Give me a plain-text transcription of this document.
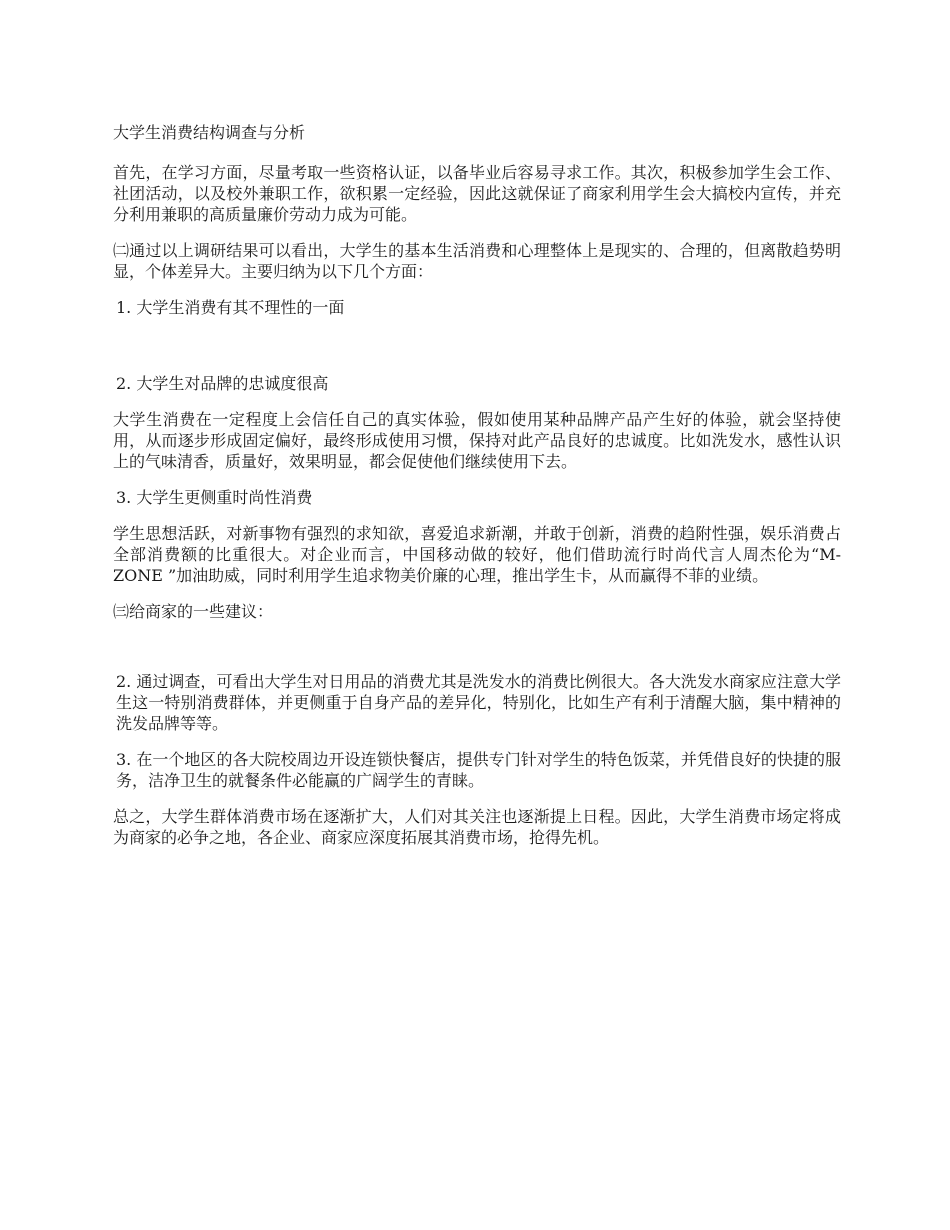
大学生消费结构调查与分析
首先，在学习方面，尽量考取一些资格认证，以备毕业后容易寻求工作。其次，积极参加学生会工作、社团活动，以及校外兼职工作，欲积累一定经验，因此这就保证了商家利用学生会大搞校内宣传，并充分利用兼职的高质量廉价劳动力成为可能。
㈡通过以上调研结果可以看出，大学生的基本生活消费和心理整体上是现实的、合理的，但离散趋势明显，个体差异大。主要归纳为以下几个方面：
1. 大学生消费有其不理性的一面
2. 大学生对品牌的忠诚度很高
大学生消费在一定程度上会信任自己的真实体验，假如使用某种品牌产品产生好的体验，就会坚持使用，从而逐步形成固定偏好，最终形成使用习惯，保持对此产品良好的忠诚度。比如洗发水，感性认识上的气味清香，质量好，效果明显，都会促使他们继续使用下去。
3. 大学生更侧重时尚性消费
学生思想活跃，对新事物有强烈的求知欲，喜爱追求新潮，并敢于创新，消费的趋附性强，娱乐消费占全部消费额的比重很大。对企业而言，中国移动做的较好，他们借助流行时尚代言人周杰伦为“M-ZONE ”加油助威，同时利用学生追求物美价廉的心理，推出学生卡，从而赢得不菲的业绩。
㈢给商家的一些建议：
2. 通过调查，可看出大学生对日用品的消费尤其是洗发水的消费比例很大。各大洗发水商家应注意大学生这一特别消费群体，并更侧重于自身产品的差异化，特别化，比如生产有利于清醒大脑，集中精神的洗发品牌等等。
3. 在一个地区的各大院校周边开设连锁快餐店，提供专门针对学生的特色饭菜，并凭借良好的快捷的服务，洁净卫生的就餐条件必能赢的广阔学生的青睐。
总之，大学生群体消费市场在逐渐扩大，人们对其关注也逐渐提上日程。因此，大学生消费市场定将成为商家的必争之地，各企业、商家应深度拓展其消费市场，抢得先机。
